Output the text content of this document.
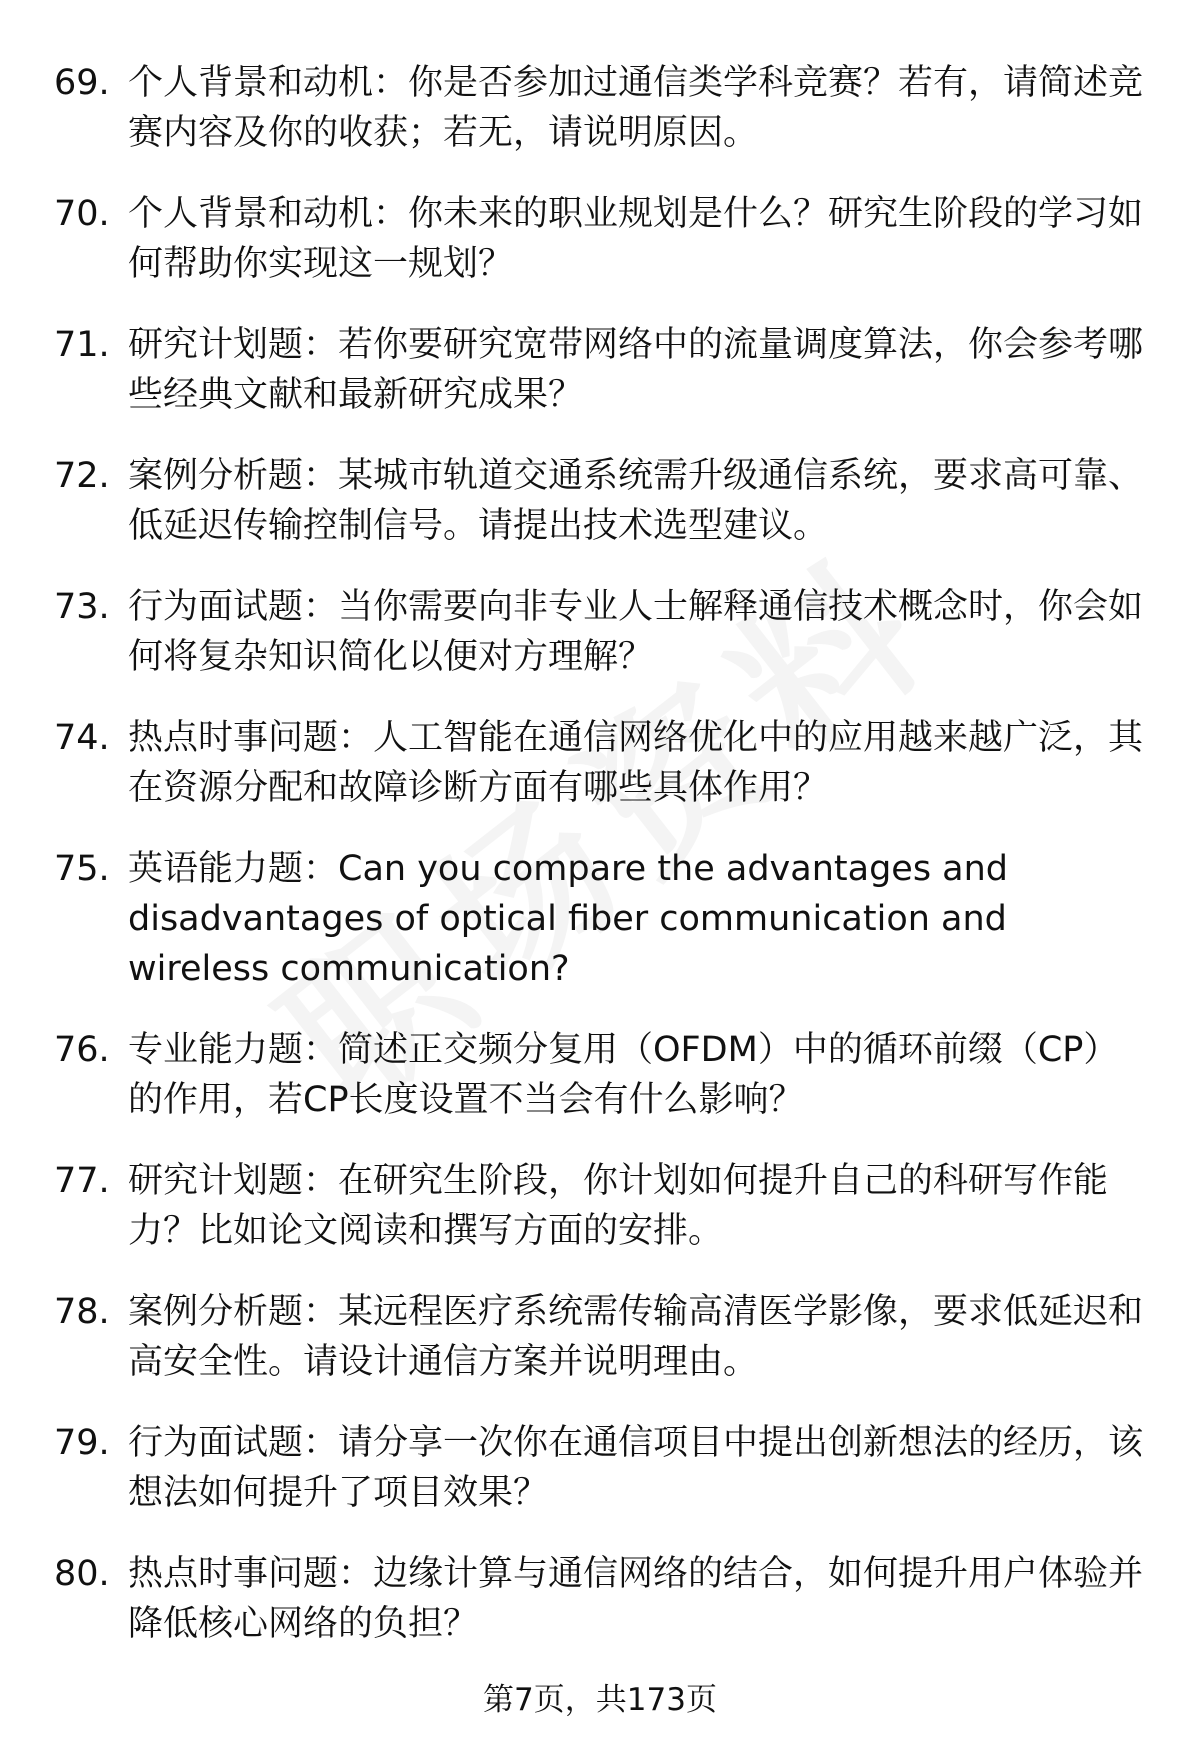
69. 个人背景和动机：你是否参加过通信类学科竞赛？若有，请简述竞赛内容及你的收获；若无，请说明原因。
70. 个人背景和动机：你未来的职业规划是什么？研究生阶段的学习如何帮助你实现这一规划？
71. 研究计划题：若你要研究宽带网络中的流量调度算法，你会参考哪些经典文献和最新研究成果？
72. 案例分析题：某城市轨道交通系统需升级通信系统，要求高可靠、低延迟传输控制信号。请提出技术选型建议。
73. 行为面试题：当你需要向非专业人士解释通信技术概念时，你会如何将复杂知识简化以便对方理解？
74. 热点时事问题：人工智能在通信网络优化中的应用越来越广泛，其在资源分配和故障诊断方面有哪些具体作用？
75. 英语能力题：Can you compare the advantages and disadvantages of optical fiber communication and wireless communication?
76. 专业能力题：简述正交频分复用（OFDM）中的循环前缀（CP）的作用，若CP长度设置不当会有什么影响？
77. 研究计划题：在研究生阶段，你计划如何提升自己的科研写作能力？比如论文阅读和撰写方面的安排。
78. 案例分析题：某远程医疗系统需传输高清医学影像，要求低延迟和高安全性。请设计通信方案并说明理由。
79. 行为面试题：请分享一次你在通信项目中提出创新想法的经历，该想法如何提升了项目效果？
80. 热点时事问题：边缘计算与通信网络的结合，如何提升用户体验并降低核心网络的负担？
第7页，共173页
